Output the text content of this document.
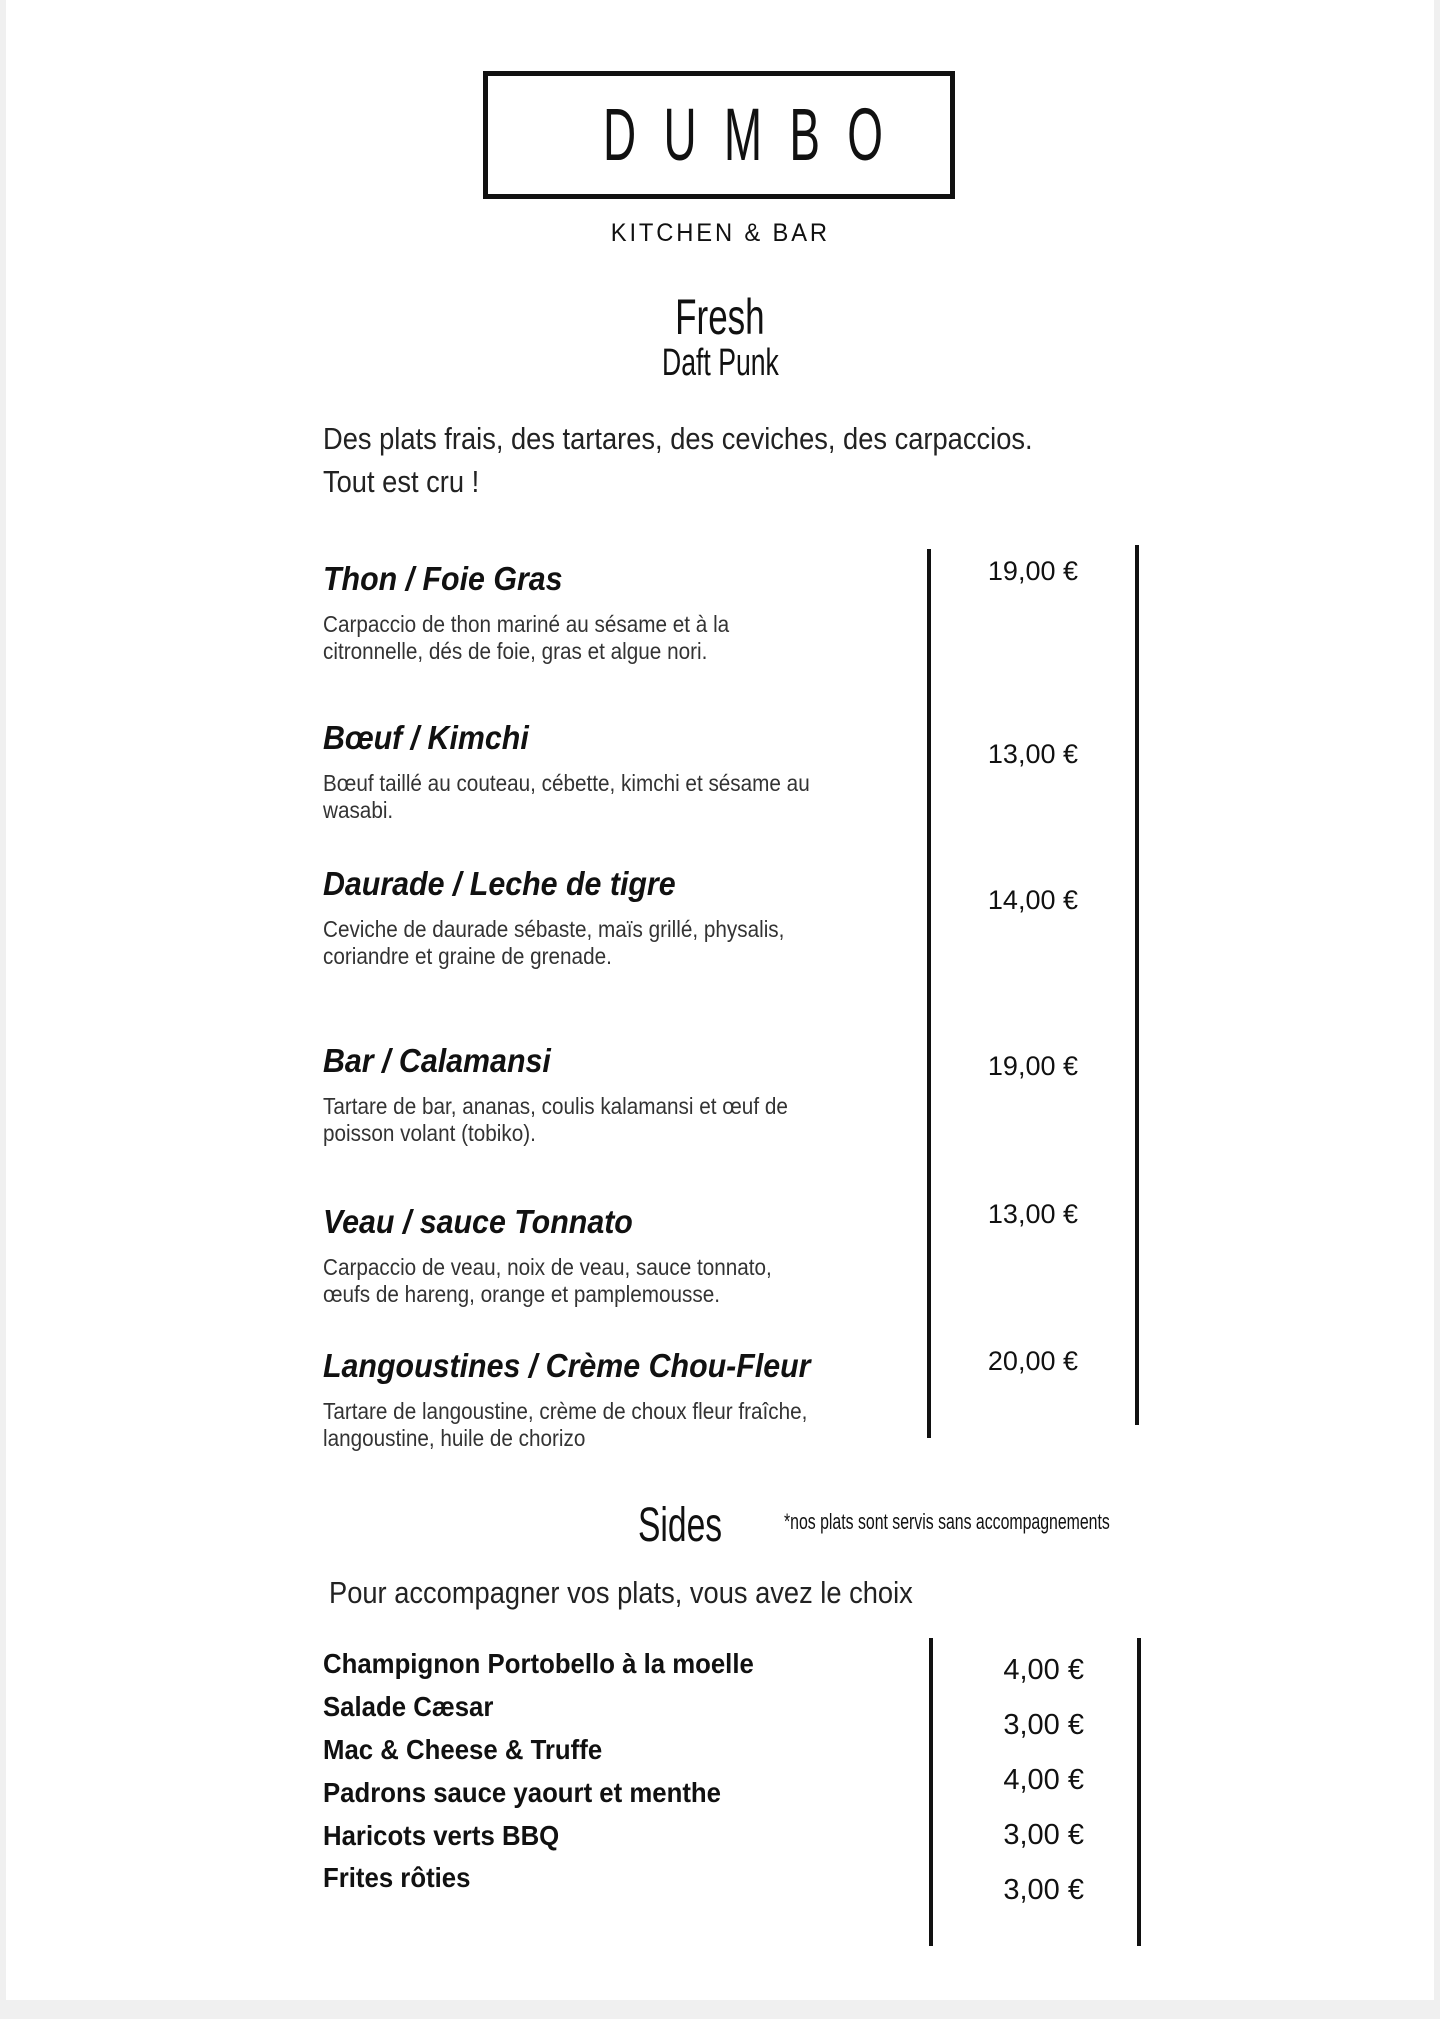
DUMBO
KITCHEN & BAR
Fresh
Daft Punk
Des plats frais, des tartares, des ceviches, des carpaccios.
Tout est cru !
Thon / Foie Gras
Carpaccio de thon mariné au sésame et à la
citronnelle, dés de foie, gras et algue nori.
19,00 €
Bœuf / Kimchi
Bœuf taillé au couteau, cébette, kimchi et sésame au
wasabi.
13,00 €
Daurade / Leche de tigre
Ceviche de daurade sébaste, maïs grillé, physalis,
coriandre et graine de grenade.
14,00 €
Bar / Calamansi
Tartare de bar, ananas, coulis kalamansi et œuf de
poisson volant (tobiko).
19,00 €
Veau / sauce Tonnato
Carpaccio de veau, noix de veau, sauce tonnato,
œufs de hareng, orange et pamplemousse.
13,00 €
Langoustines / Crème Chou-Fleur
Tartare de langoustine, crème de choux fleur fraîche,
langoustine, huile de chorizo
20,00 €
Sides	*nos plats sont servis sans accompagnements
Pour accompagner vos plats, vous avez le choix
Champignon Portobello à la moelle
Salade Cæsar
Mac & Cheese & Truffe
Padrons sauce yaourt et menthe
Haricots verts BBQ
Frites rôties
4,00 €
3,00 €
4,00 €
3,00 €
3,00 €
